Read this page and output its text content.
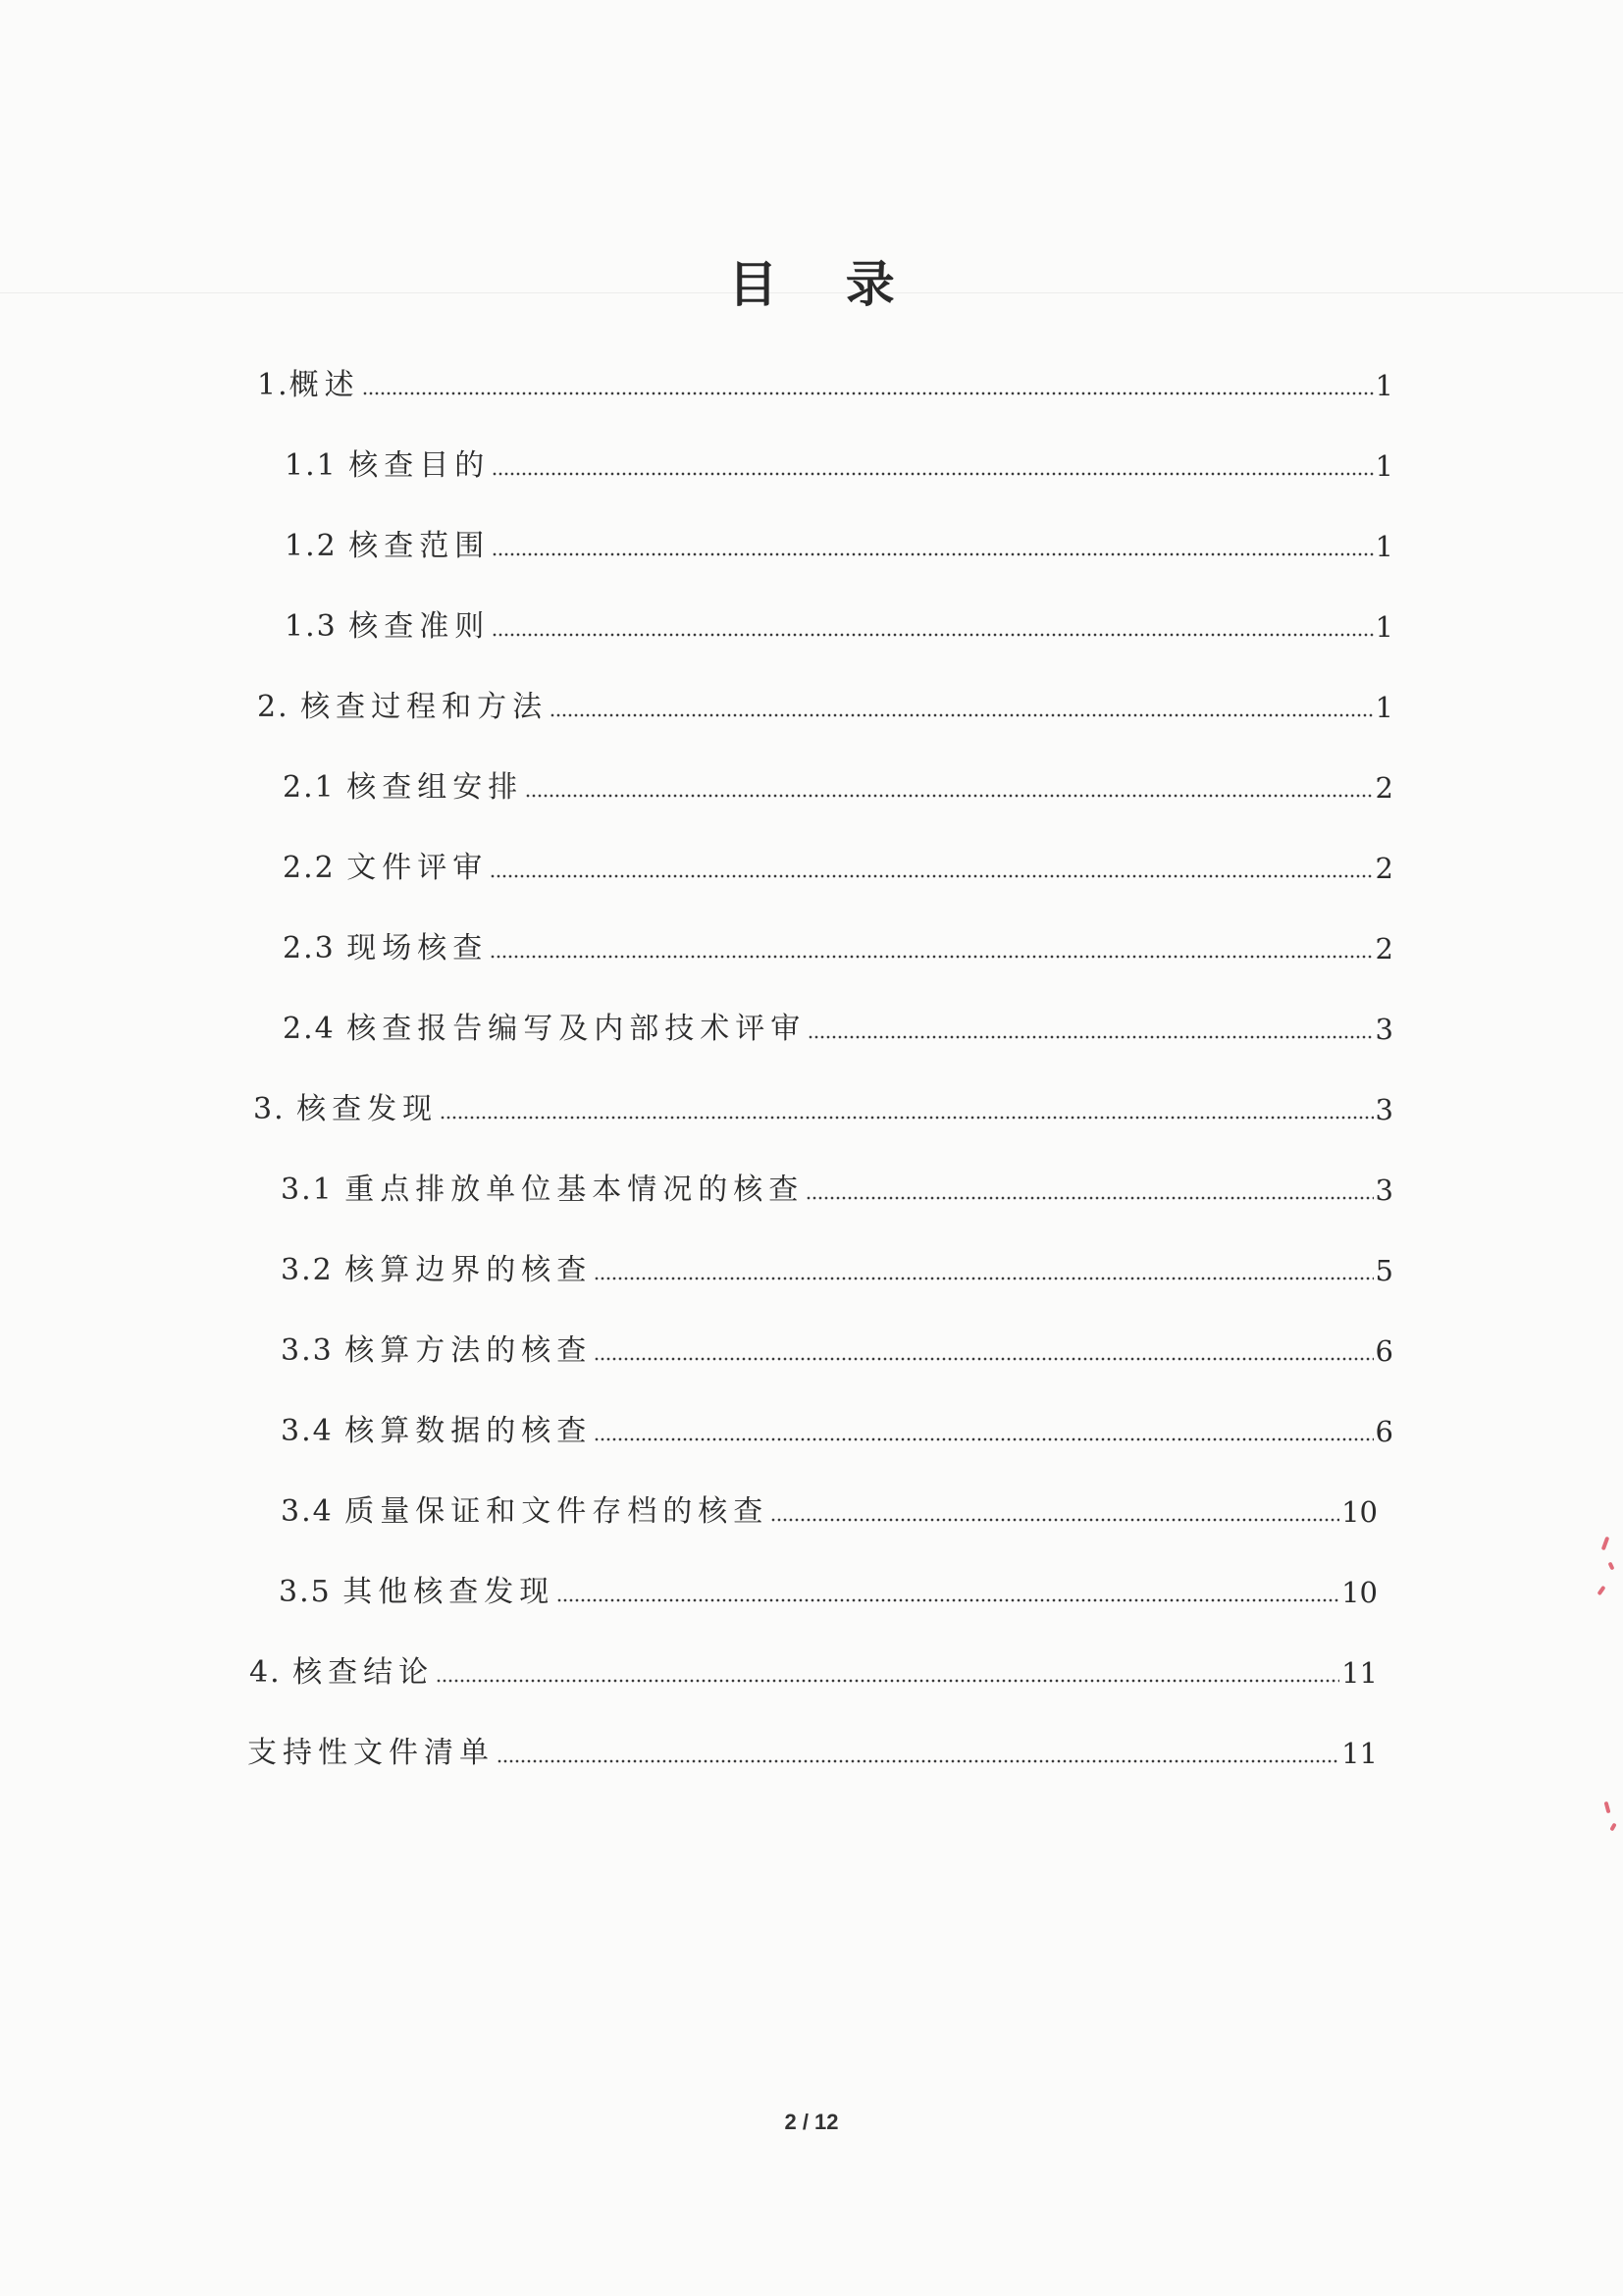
目 录
1. 概述	1
1.1 核查目的	1
1.2 核查范围	1
1.3 核查准则	1
2. 核查过程和方法	1
2.1 核查组安排	2
2.2 文件评审	2
2.3 现场核查	2
2.4 核查报告编写及内部技术评审	3
3. 核查发现	3
3.1 重点排放单位基本情况的核查	3
3.2 核算边界的核查	5
3.3 核算方法的核查	6
3.4 核算数据的核查	6
3.4 质量保证和文件存档的核查	10
3.5 其他核查发现	10
4. 核查结论	11
支持性文件清单	11
2 / 12
